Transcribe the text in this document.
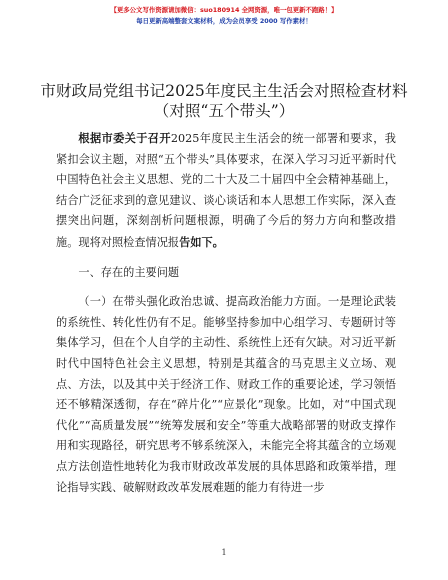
【更多公文写作资源请加微信：suo180914 全网资源，唯一包更新不跑路！】
每日更新高端整套文案材料，成为会员享受 2000 写作素材！
市财政局党组书记2025年度民主生活会对照检查材料（对照“五个带头”）

根据市委关于召开2025年度民主生活会的统一部署和要求，我紧扣会议主题，对照“五个带头”具体要求，在深入学习习近平新时代中国特色社会主义思想、党的二十大及二十届四中全会精神基础上，结合广泛征求到的意见建议、谈心谈话和本人思想工作实际，深入查摆突出问题，深刻剖析问题根源，明确了今后的努力方向和整改措施。现将对照检查情况报告如下。

一、存在的主要问题

（一）在带头强化政治忠诚、提高政治能力方面。一是理论武装的系统性、转化性仍有不足。能够坚持参加中心组学习、专题研讨等集体学习，但在个人自学的主动性、系统性上还有欠缺。对习近平新时代中国特色社会主义思想，特别是其蕴含的马克思主义立场、观点、方法，以及其中关于经济工作、财政工作的重要论述，学习领悟还不够精深透彻，存在“碎片化”“应景化”现象。比如，对“中国式现代化”“高质量发展”“统筹发展和安全”等重大战略部署的财政支撑作用和实现路径，研究思考不够系统深入，未能完全将其蕴含的立场观点方法创造性地转化为我市财政改革发展的具体思路和政策举措，理论指导实践、破解财政改革发展难题的能力有待进一步

1
